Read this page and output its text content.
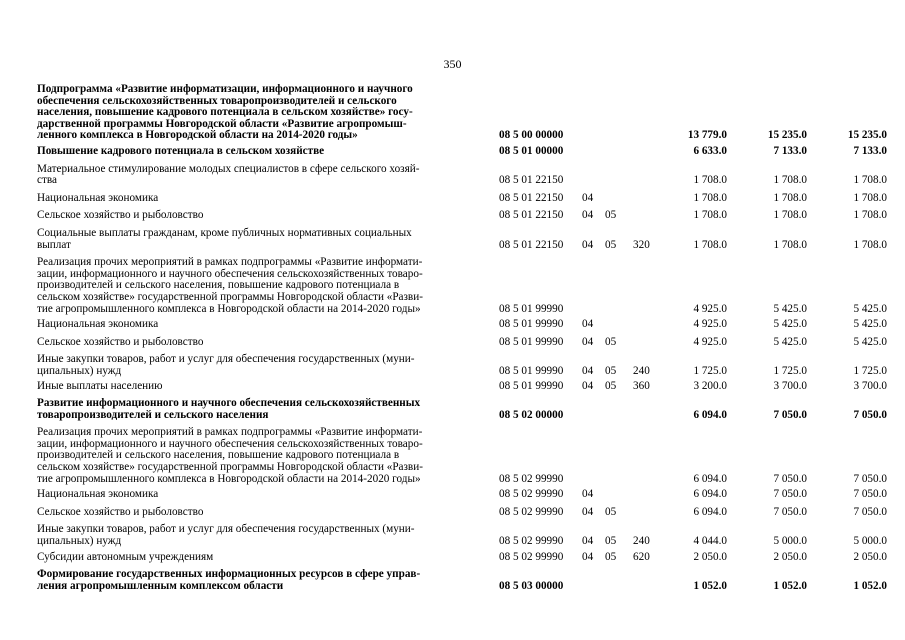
350
Подпрограмма «Развитие информатизации, информационного и научного
обеспечения сельскохозяйственных товаропроизводителей и сельского
населения, повышение кадрового потенциала в сельском хозяйстве» госу-
дарственной программы Новгородской области «Развитие агропромыш-
ленного комплекса в Новгородской области на 2014-2020 годы»	08 5 00 00000	13 779.0	15 235.0	15 235.0
Повышение кадрового потенциала в сельском хозяйстве	08 5 01 00000	6 633.0	7 133.0	7 133.0
Материальное стимулирование молодых специалистов в сфере сельского хозяй-
ства	08 5 01 22150	1 708.0	1 708.0	1 708.0
Национальная экономика	08 5 01 22150 04	1 708.0	1 708.0	1 708.0
Сельское хозяйство и рыболовство	08 5 01 22150 04 05	1 708.0	1 708.0	1 708.0
Социальные выплаты гражданам, кроме публичных нормативных социальных
выплат	08 5 01 22150 04 05 320	1 708.0	1 708.0	1 708.0
Реализация прочих мероприятий в рамках подпрограммы «Развитие информати-
зации, информационного и научного обеспечения сельскохозяйственных товаро-
производителей и сельского населения, повышение кадрового потенциала в
сельском хозяйстве» государственной программы Новгородской области «Разви-
тие агропромышленного комплекса в Новгородской области на 2014-2020 годы»	08 5 01 99990	4 925.0	5 425.0	5 425.0
Национальная экономика	08 5 01 99990 04	4 925.0	5 425.0	5 425.0
Сельское хозяйство и рыболовство	08 5 01 99990 04 05	4 925.0	5 425.0	5 425.0
Иные закупки товаров, работ и услуг для обеспечения государственных (муни-
ципальных) нужд	08 5 01 99990 04 05 240	1 725.0	1 725.0	1 725.0
Иные выплаты населению	08 5 01 99990 04 05 360	3 200.0	3 700.0	3 700.0
Развитие информационного и научного обеспечения сельскохозяйственных
товаропроизводителей и сельского населения	08 5 02 00000	6 094.0	7 050.0	7 050.0
Реализация прочих мероприятий в рамках подпрограммы «Развитие информати-
зации, информационного и научного обеспечения сельскохозяйственных товаро-
производителей и сельского населения, повышение кадрового потенциала в
сельском хозяйстве» государственной программы Новгородской области «Разви-
тие агропромышленного комплекса в Новгородской области на 2014-2020 годы»	08 5 02 99990	6 094.0	7 050.0	7 050.0
Национальная экономика	08 5 02 99990 04	6 094.0	7 050.0	7 050.0
Сельское хозяйство и рыболовство	08 5 02 99990 04 05	6 094.0	7 050.0	7 050.0
Иные закупки товаров, работ и услуг для обеспечения государственных (муни-
ципальных) нужд	08 5 02 99990 04 05 240	4 044.0	5 000.0	5 000.0
Субсидии автономным учреждениям	08 5 02 99990 04 05 620	2 050.0	2 050.0	2 050.0
Формирование государственных информационных ресурсов в сфере управ-
ления агропромышленным комплексом области	08 5 03 00000	1 052.0	1 052.0	1 052.0
